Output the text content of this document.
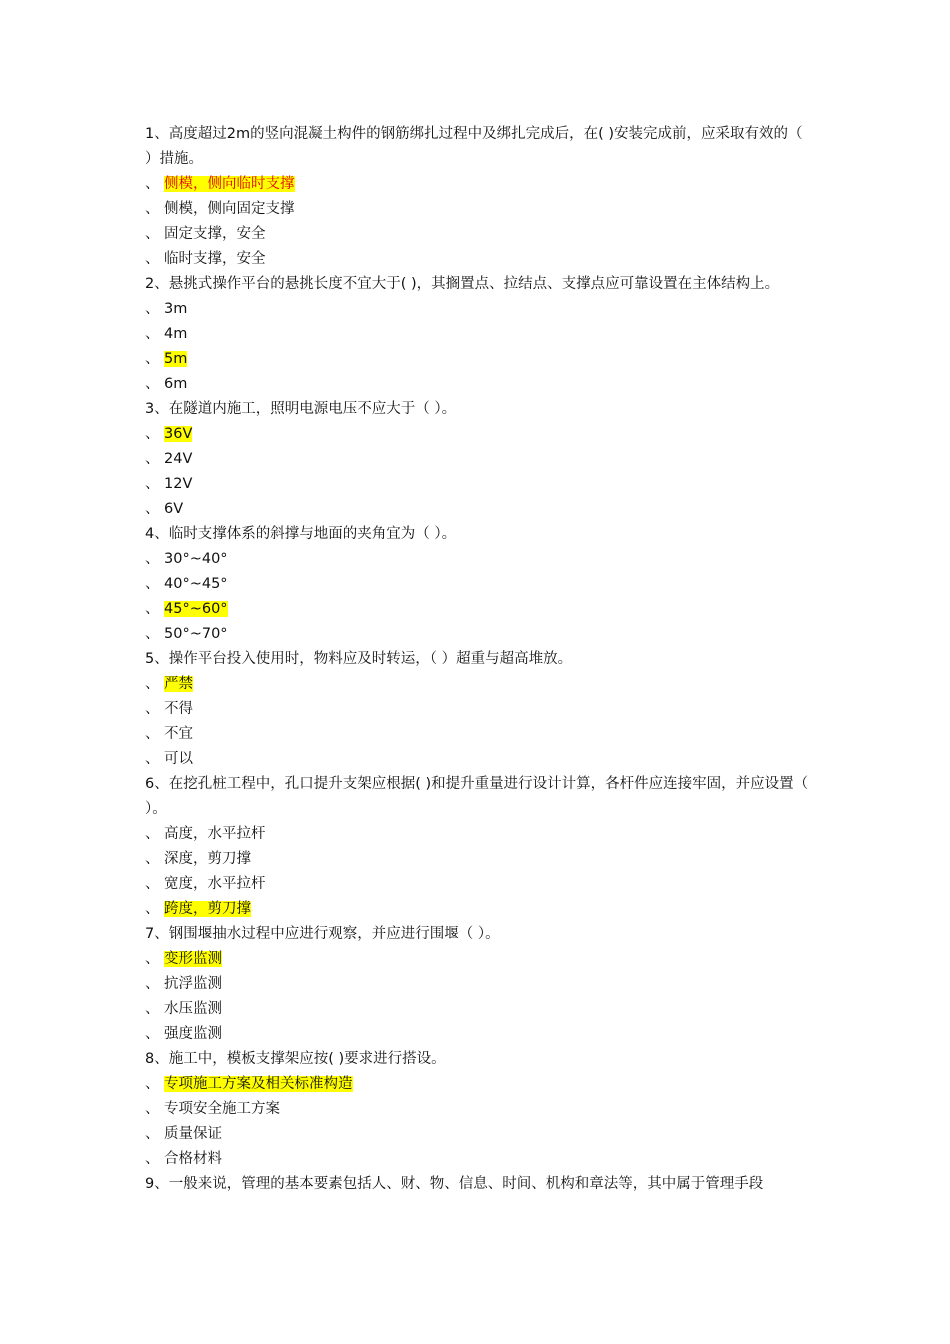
1、高度超过2m的竖向混凝土构件的钢筋绑扎过程中及绑扎完成后，在( )安装完成前，应采取有效的（ ）措施。

、 侧模，侧向临时支撑
、 侧模，侧向固定支撑
、 固定支撑，安全
、 临时支撑，安全

2、悬挑式操作平台的悬挑长度不宜大于( )，其搁置点、拉结点、支撑点应可靠设置在主体结构上。

、 3m
、 4m
、 5m
、 6m

3、在隧道内施工，照明电源电压不应大于（ ）。

、 36V
、 24V
、 12V
、 6V

4、临时支撑体系的斜撑与地面的夹角宜为（ ）。

、 30°~40°
、 40°~45°
、 45°~60°
、 50°~70°

5、操作平台投入使用时，物料应及时转运，（ ）超重与超高堆放。

、 严禁
、 不得
、 不宜
、 可以

6、在挖孔桩工程中，孔口提升支架应根据( )和提升重量进行设计计算，各杆件应连接牢固，并应设置（ ）。

、 高度，水平拉杆
、 深度，剪刀撑
、 宽度，水平拉杆
、 跨度，剪刀撑

7、钢围堰抽水过程中应进行观察，并应进行围堰（ ）。

、 变形监测
、 抗浮监测
、 水压监测
、 强度监测

8、施工中，模板支撑架应按( )要求进行搭设。

、 专项施工方案及相关标准构造
、 专项安全施工方案
、 质量保证
、 合格材料

9、一般来说，管理的基本要素包括人、财、物、信息、时间、机构和章法等，其中属于管理手段
